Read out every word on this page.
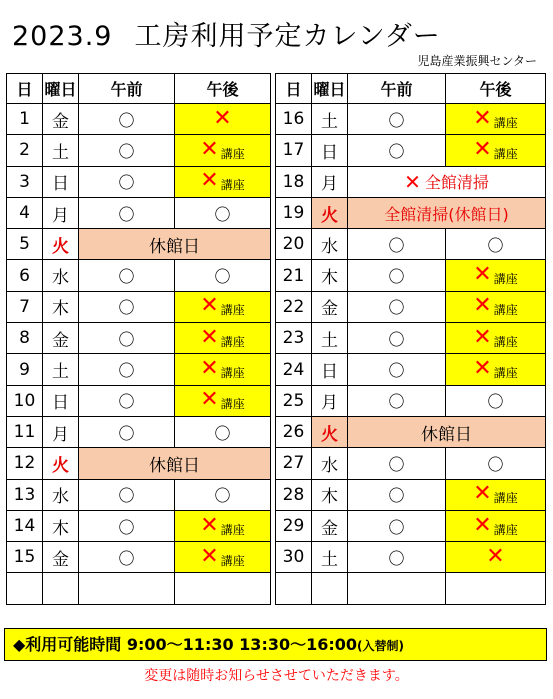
2023.9 工房利用予定カレンダー
児島産業振興センター
日	曜日	午前	午後
1	金	〇	✕
2	土	〇	✕ 講座
3	日	〇	✕ 講座
4	月	〇	〇
5	火	休館日	
6	水	〇	〇
7	木	〇	✕ 講座
8	金	〇	✕ 講座
9	土	〇	✕ 講座
10	日	〇	✕ 講座
11	月	〇	〇
12	火	休館日	
13	水	〇	〇
14	木	〇	✕ 講座
15	金	〇	✕ 講座

日	曜日	午前	午後
16	土	〇	✕ 講座
17	日	〇	✕ 講座
18	月	✕ 全館清掃	
19	火	全館清掃(休館日)	
20	水	〇	〇
21	木	〇	✕ 講座
22	金	〇	✕ 講座
23	土	〇	✕ 講座
24	日	〇	✕ 講座
25	月	〇	〇
26	火	休館日	
27	水	〇	〇
28	木	〇	✕ 講座
29	金	〇	✕ 講座
30	土	〇	✕

◆利用可能時間 9:00～11:30 13:30～16:00(入替制)
変更は随時お知らせさせていただきます。
